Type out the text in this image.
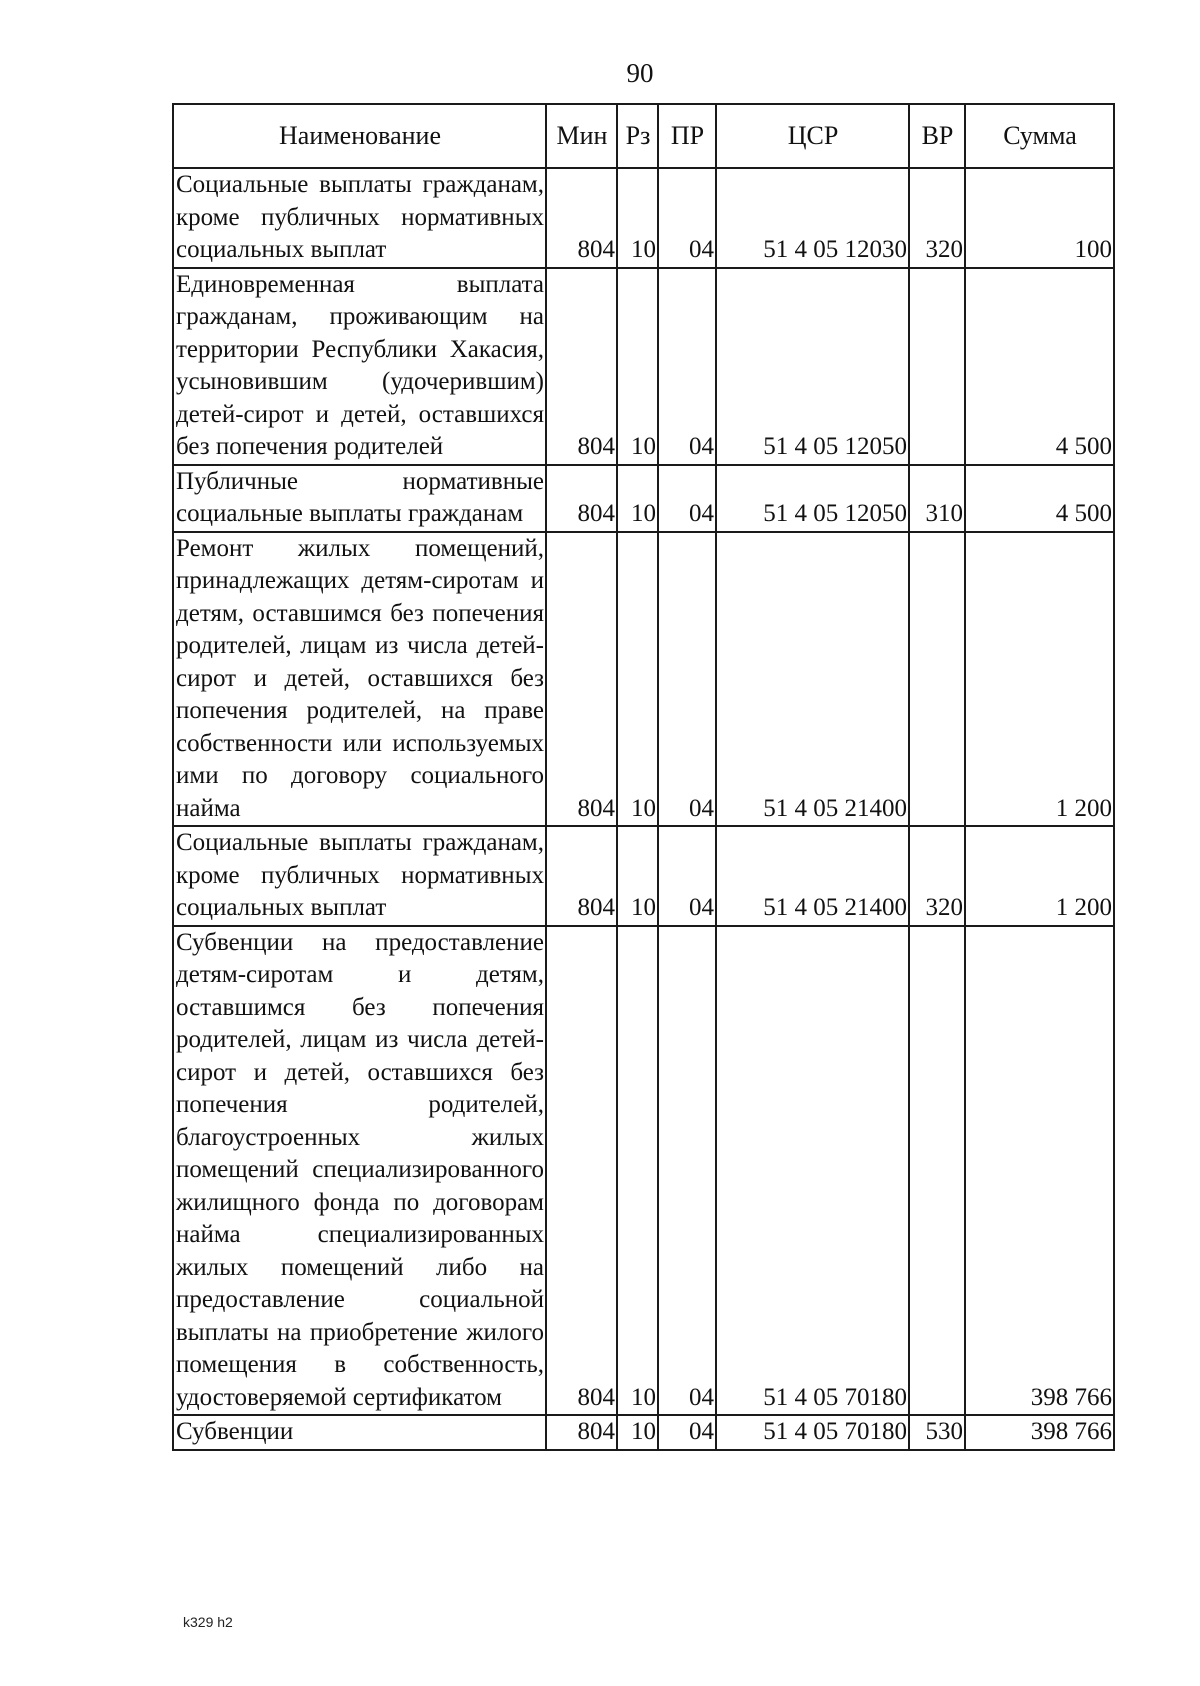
90
Наименование	Мин	Рз	ПР	ЦСР	ВР	Сумма
Социальные выплаты гражданам, кроме публичных нормативных социальных выплат	804	10	04	51 4 05 12030	320	100
Единовременная выплата гражданам, проживающим на территории Республики Хакасия, усыновившим (удочерившим) детей-сирот и детей, оставшихся без попечения родителей	804	10	04	51 4 05 12050		4 500
Публичные нормативные социальные выплаты гражданам	804	10	04	51 4 05 12050	310	4 500
Ремонт жилых помещений, принадлежащих детям-сиротам и детям, оставшимся без попечения родителей, лицам из числа детей-сирот и детей, оставшихся без попечения родителей, на праве собственности или используемых ими по договору социального найма	804	10	04	51 4 05 21400		1 200
Социальные выплаты гражданам, кроме публичных нормативных социальных выплат	804	10	04	51 4 05 21400	320	1 200
Субвенции на предоставление детям-сиротам и детям, оставшимся без попечения родителей, лицам из числа детей-сирот и детей, оставшихся без попечения родителей, благоустроенных жилых помещений специализированного жилищного фонда по договорам найма специализированных жилых помещений либо на предоставление социальной выплаты на приобретение жилого помещения в собственность, удостоверяемой сертификатом	804	10	04	51 4 05 70180		398 766
Субвенции	804	10	04	51 4 05 70180	530	398 766
k329 h2
